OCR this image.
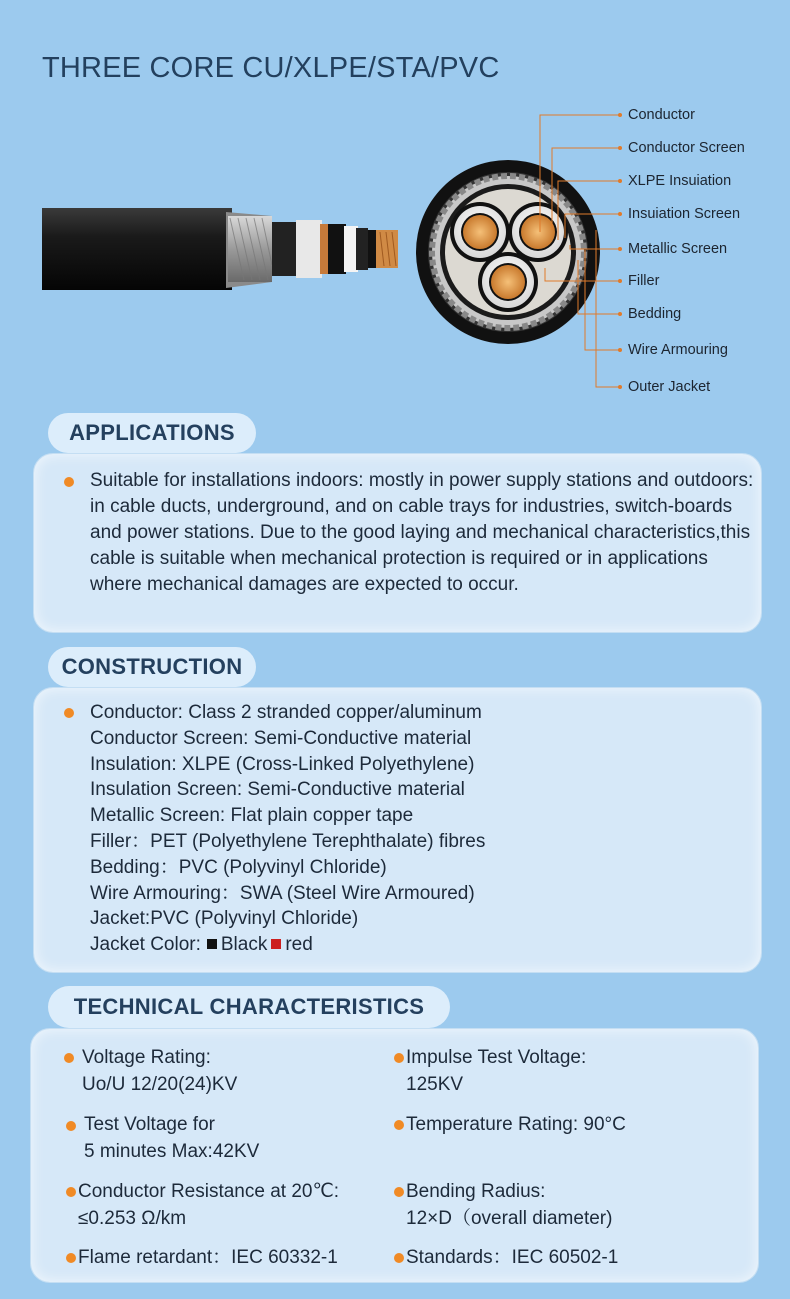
THREE CORE CU/XLPE/STA/PVC
Conductor
Conductor Screen
XLPE Insuiation
Insuiation Screen
Metallic Screen
Filler
Bedding
Wire Armouring
Outer Jacket
APPLICATIONS
Suitable for installations indoors: mostly in power supply stations and outdoors: in cable ducts, underground, and on cable trays for industries, switch-boards and power stations. Due to the good laying and mechanical characteristics,this cable is suitable when mechanical protection is required or in applications where mechanical damages are expected to occur.
CONSTRUCTION
Conductor: Class 2 stranded copper/aluminum
Conductor Screen: Semi-Conductive material
Insulation: XLPE (Cross-Linked Polyethylene)
Insulation Screen: Semi-Conductive material
Metallic Screen: Flat plain copper tape
Filler：PET (Polyethylene Terephthalate) fibres
Bedding：PVC (Polyvinyl Chloride)
Wire Armouring：SWA (Steel Wire Armoured)
Jacket:PVC (Polyvinyl Chloride)
Jacket Color: Black red
TECHNICAL CHARACTERISTICS
Voltage Rating:
Uo/U 12/20(24)KV
Impulse Test Voltage:
125KV
Test Voltage for
5 minutes Max:42KV
Temperature Rating: 90°C
Conductor Resistance at 20℃:
≤0.253 Ω/km
Bending Radius:
12×D（overall diameter)
Flame retardant：IEC 60332-1	Standards：IEC 60502-1
